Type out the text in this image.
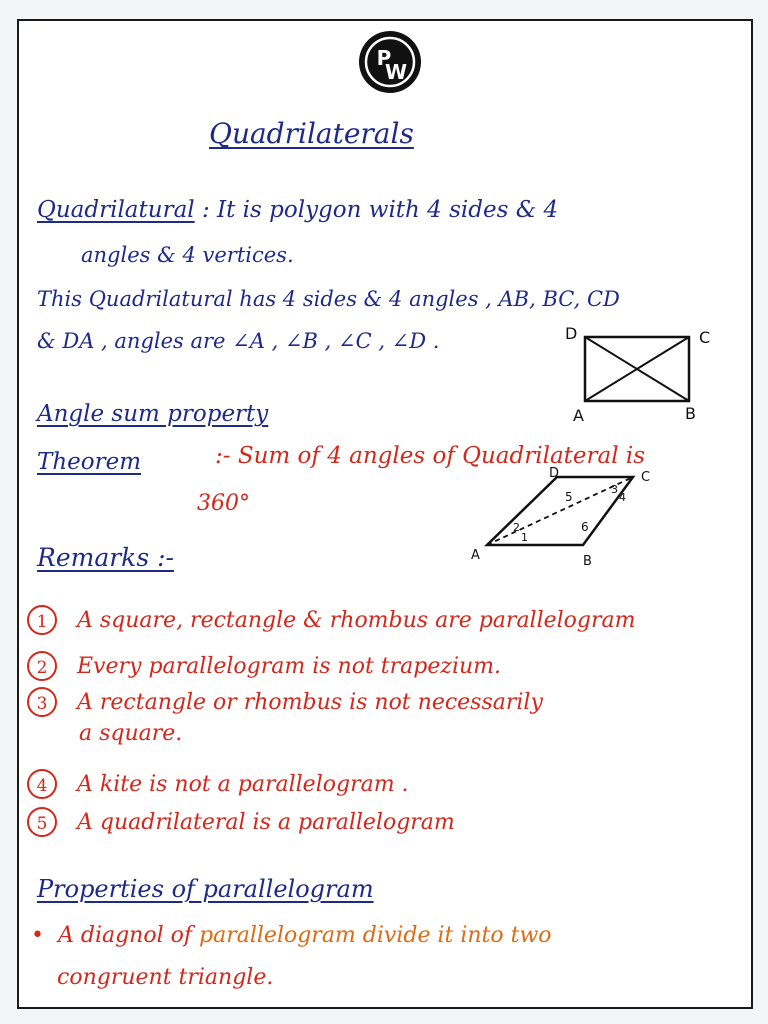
P
W
Quadrilaterals
Quadrilatural : It is polygon with 4 sides & 4
angles & 4 vertices.
This Quadrilatural has 4 sides & 4 angles , AB, BC, CD
& DA , angles are ∠A , ∠B , ∠C , ∠D .	D	C
A	B
Angle sum property
Theorem	:- Sum of 4 angles of Quadrilateral is
360°
D	C
A	B
5
3
4
6
1
2
Remarks :-
1	A square, rectangle & rhombus are parallelogram
2	Every parallelogram is not trapezium.
3	A rectangle or rhombus is not necessarily
a square.
4	A kite is not a parallelogram .
5	A quadrilateral is a parallelogram
Properties of parallelogram
• A diagnol of parallelogram divide it into two
congruent triangle.
